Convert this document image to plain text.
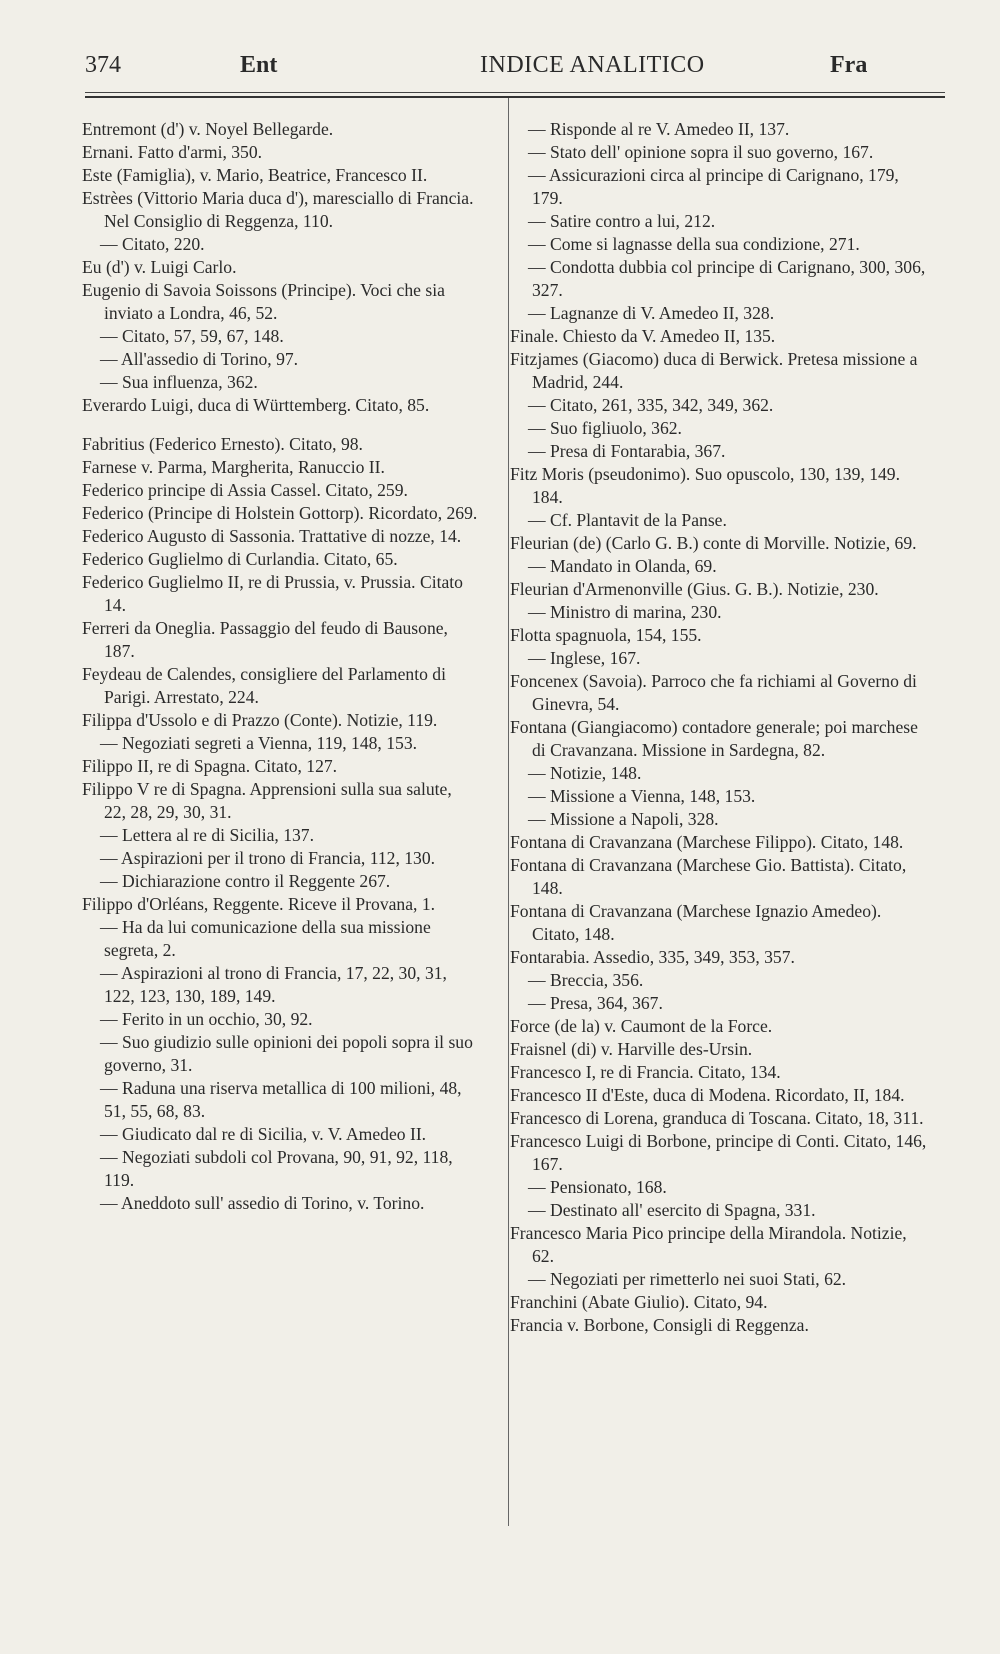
374	Ent	INDICE ANALITICO	Fra

Entremont (d') v. Noyel Bellegarde.

Ernani. Fatto d'armi, 350.

Este (Famiglia), v. Mario, Beatrice, Francesco II.

Estrèes (Vittorio Maria duca d'), maresciallo di Francia. Nel Consiglio di Reggenza, 110.

— Citato, 220.

Eu (d') v. Luigi Carlo.

Eugenio di Savoia Soissons (Principe). Voci che sia inviato a Londra, 46, 52.

— Citato, 57, 59, 67, 148.

— All'assedio di Torino, 97.

— Sua influenza, 362.

Everardo Luigi, duca di Württemberg. Citato, 85.

Fabritius (Federico Ernesto). Citato, 98.

Farnese v. Parma, Margherita, Ranuccio II.

Federico principe di Assia Cassel. Citato, 259.

Federico (Principe di Holstein Gottorp). Ricordato, 269.

Federico Augusto di Sassonia. Trattative di nozze, 14.

Federico Guglielmo di Curlandia. Citato, 65.

Federico Guglielmo II, re di Prussia, v. Prussia. Citato 14.

Ferreri da Oneglia. Passaggio del feudo di Bausone, 187.

Feydeau de Calendes, consigliere del Parlamento di Parigi. Arrestato, 224.

Filippa d'Ussolo e di Prazzo (Conte). Notizie, 119.

— Negoziati segreti a Vienna, 119, 148, 153.

Filippo II, re di Spagna. Citato, 127.

Filippo V re di Spagna. Apprensioni sulla sua salute, 22, 28, 29, 30, 31.

— Lettera al re di Sicilia, 137.

— Aspirazioni per il trono di Francia, 112, 130.

— Dichiarazione contro il Reggente 267.

Filippo d'Orléans, Reggente. Riceve il Provana, 1.

— Ha da lui comunicazione della sua missione segreta, 2.

— Aspirazioni al trono di Francia, 17, 22, 30, 31, 122, 123, 130, 189, 149.

— Ferito in un occhio, 30, 92.

— Suo giudizio sulle opinioni dei popoli sopra il suo governo, 31.

— Raduna una riserva metallica di 100 milioni, 48, 51, 55, 68, 83.

— Giudicato dal re di Sicilia, v. V. Amedeo II.

— Negoziati subdoli col Provana, 90, 91, 92, 118, 119.

— Aneddoto sull' assedio di Torino, v. Torino.

— Risponde al re V. Amedeo II, 137.

— Stato dell' opinione sopra il suo governo, 167.

— Assicurazioni circa al principe di Carignano, 179, 179.

— Satire contro a lui, 212.

— Come si lagnasse della sua condizione, 271.

— Condotta dubbia col principe di Carignano, 300, 306, 327.

— Lagnanze di V. Amedeo II, 328.

Finale. Chiesto da V. Amedeo II, 135.

Fitzjames (Giacomo) duca di Berwick. Pretesa missione a Madrid, 244.

— Citato, 261, 335, 342, 349, 362.

— Suo figliuolo, 362.

— Presa di Fontarabia, 367.

Fitz Moris (pseudonimo). Suo opuscolo, 130, 139, 149. 184.

— Cf. Plantavit de la Panse.

Fleurian (de) (Carlo G. B.) conte di Morville. Notizie, 69.

— Mandato in Olanda, 69.

Fleurian d'Armenonville (Gius. G. B.). Notizie, 230.

— Ministro di marina, 230.

Flotta spagnuola, 154, 155.

— Inglese, 167.

Foncenex (Savoia). Parroco che fa richiami al Governo di Ginevra, 54.

Fontana (Giangiacomo) contadore generale; poi marchese di Cravanzana. Missione in Sardegna, 82.

— Notizie, 148.

— Missione a Vienna, 148, 153.

— Missione a Napoli, 328.

Fontana di Cravanzana (Marchese Filippo). Citato, 148.

Fontana di Cravanzana (Marchese Gio. Battista). Citato, 148.

Fontana di Cravanzana (Marchese Ignazio Amedeo). Citato, 148.

Fontarabia. Assedio, 335, 349, 353, 357.

— Breccia, 356.

— Presa, 364, 367.

Force (de la) v. Caumont de la Force.

Fraisnel (di) v. Harville des-Ursin.

Francesco I, re di Francia. Citato, 134.

Francesco II d'Este, duca di Modena. Ricordato, II, 184.

Francesco di Lorena, granduca di Toscana. Citato, 18, 311.

Francesco Luigi di Borbone, principe di Conti. Citato, 146, 167.

— Pensionato, 168.

— Destinato all' esercito di Spagna, 331.

Francesco Maria Pico principe della Mirandola. Notizie, 62.

— Negoziati per rimetterlo nei suoi Stati, 62.

Franchini (Abate Giulio). Citato, 94.

Francia v. Borbone, Consigli di Reggenza.
